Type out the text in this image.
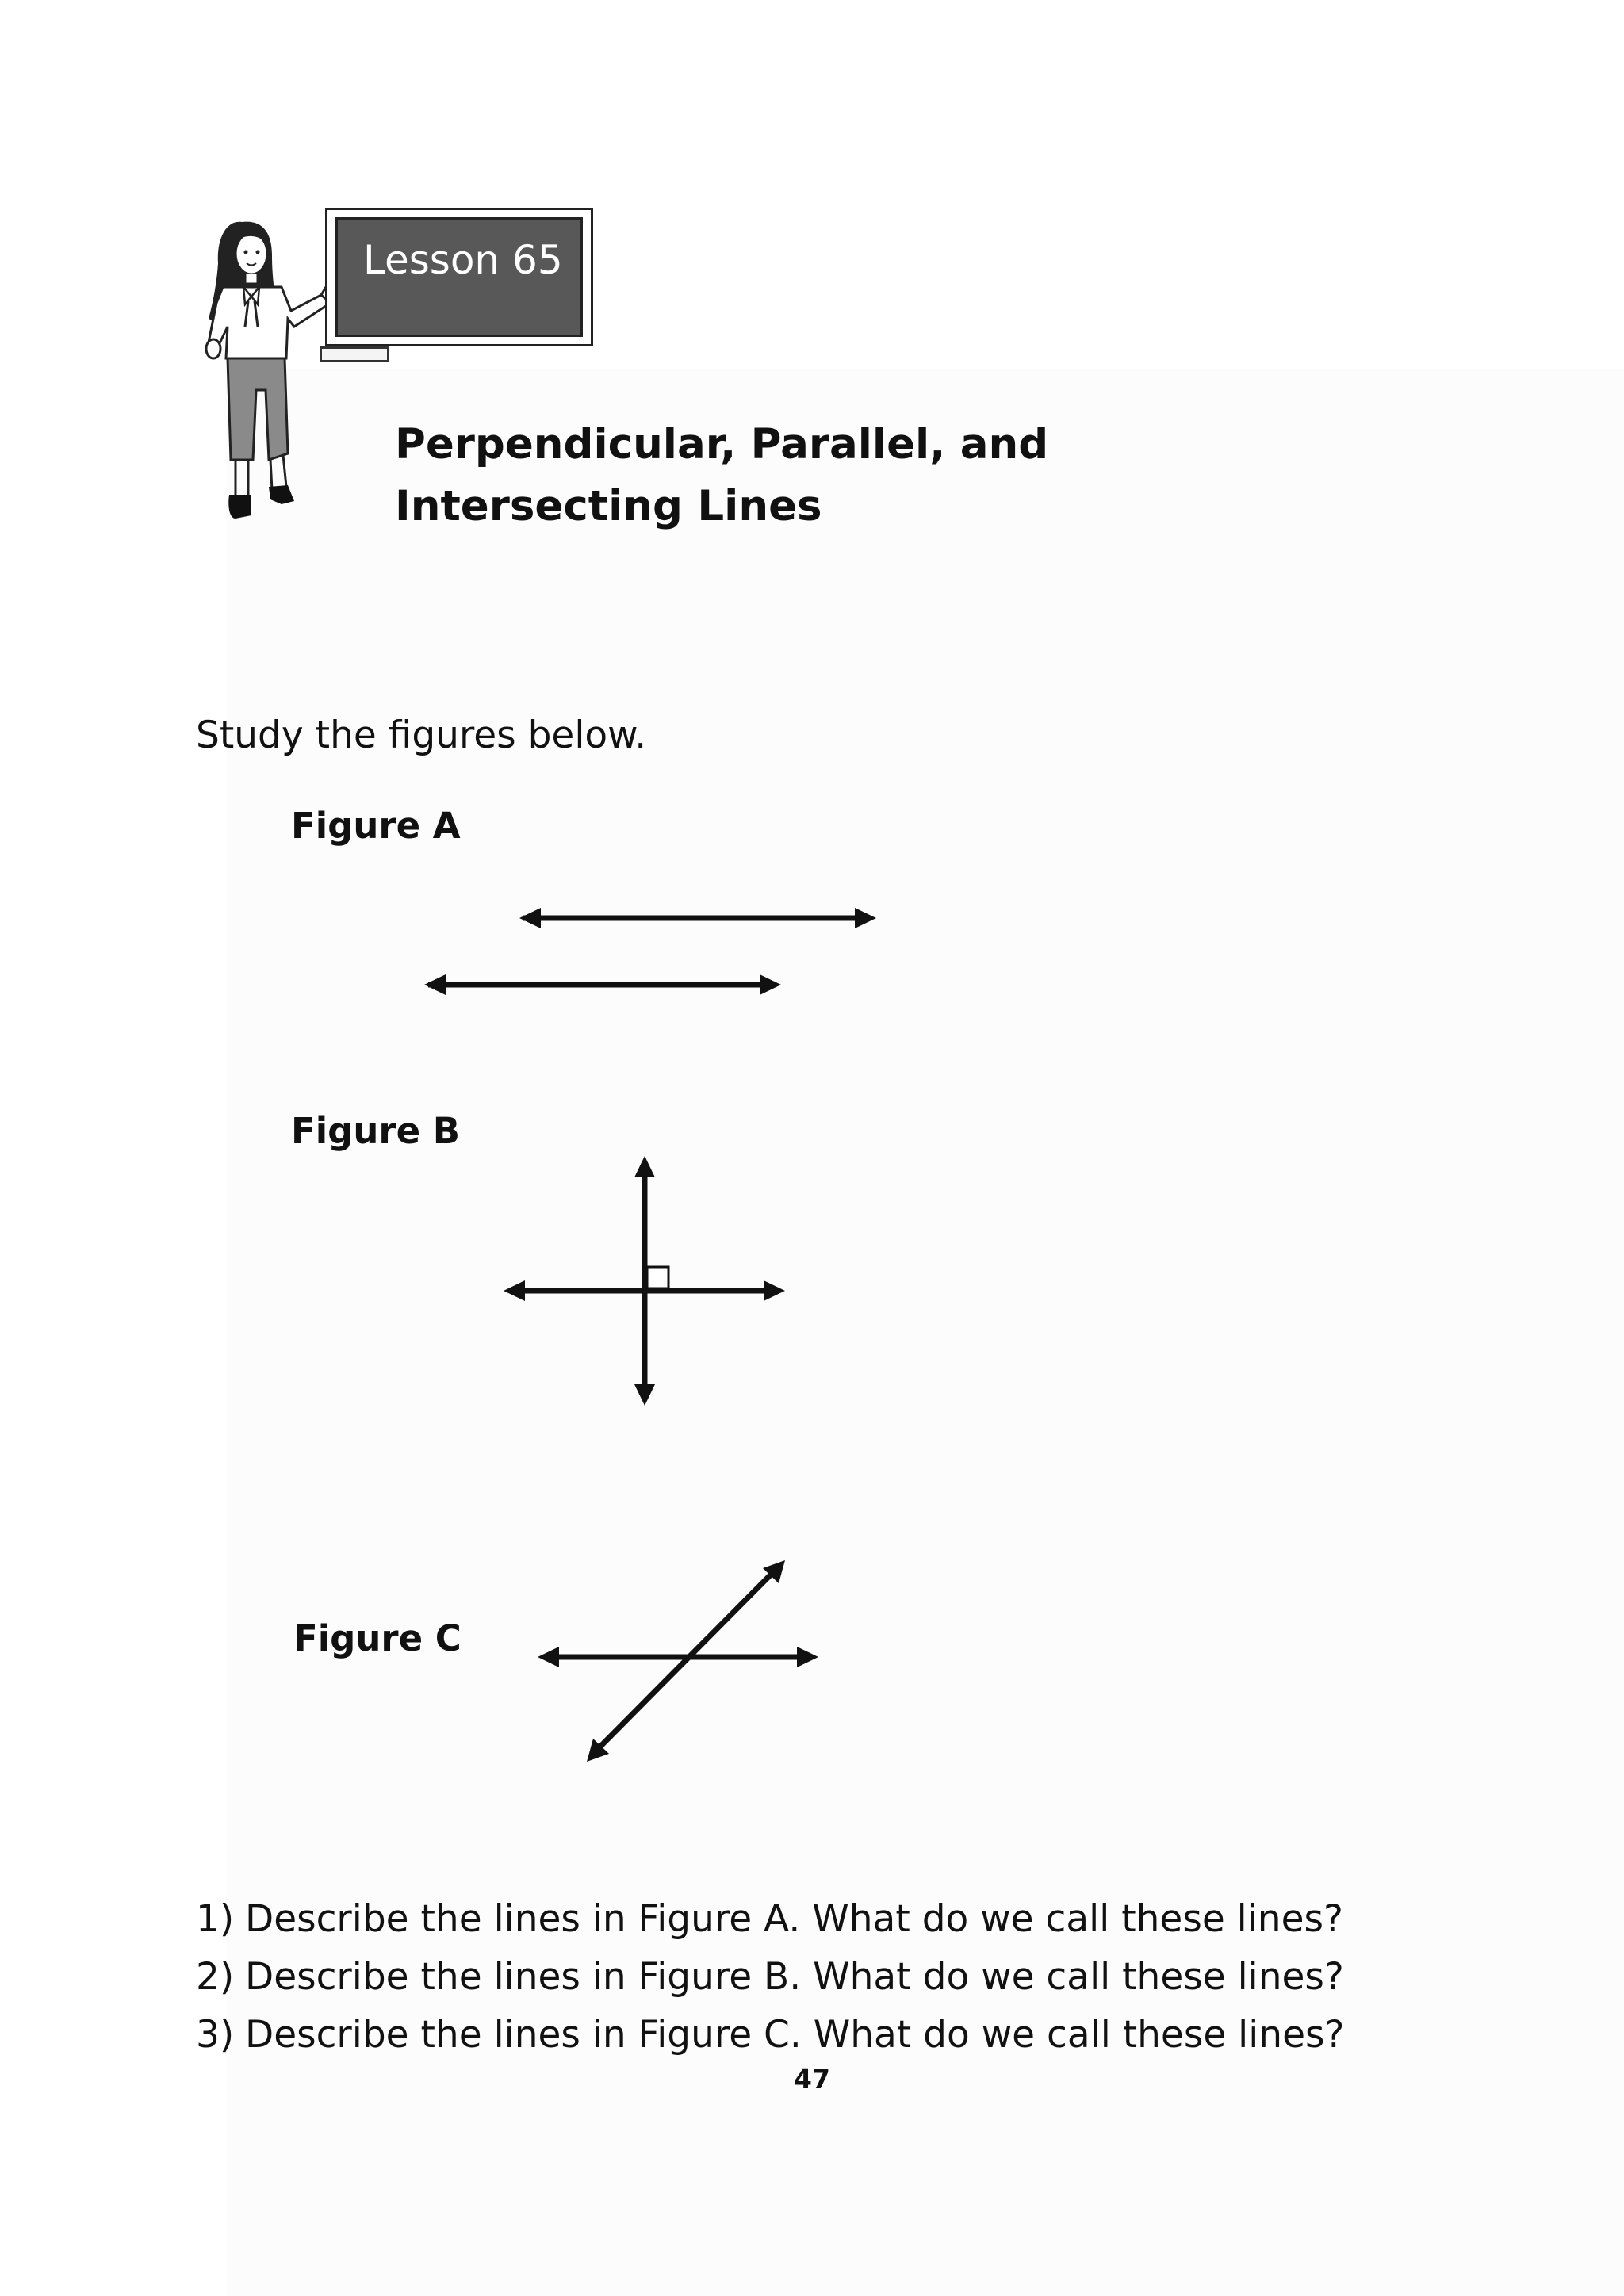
Lesson 65
Perpendicular, Parallel, and Intersecting Lines
Study the figures below.
Figure A
Figure B
Figure C
1) Describe the lines in Figure A. What do we call these lines?
2) Describe the lines in Figure B. What do we call these lines?
3) Describe the lines in Figure C. What do we call these lines?
47
